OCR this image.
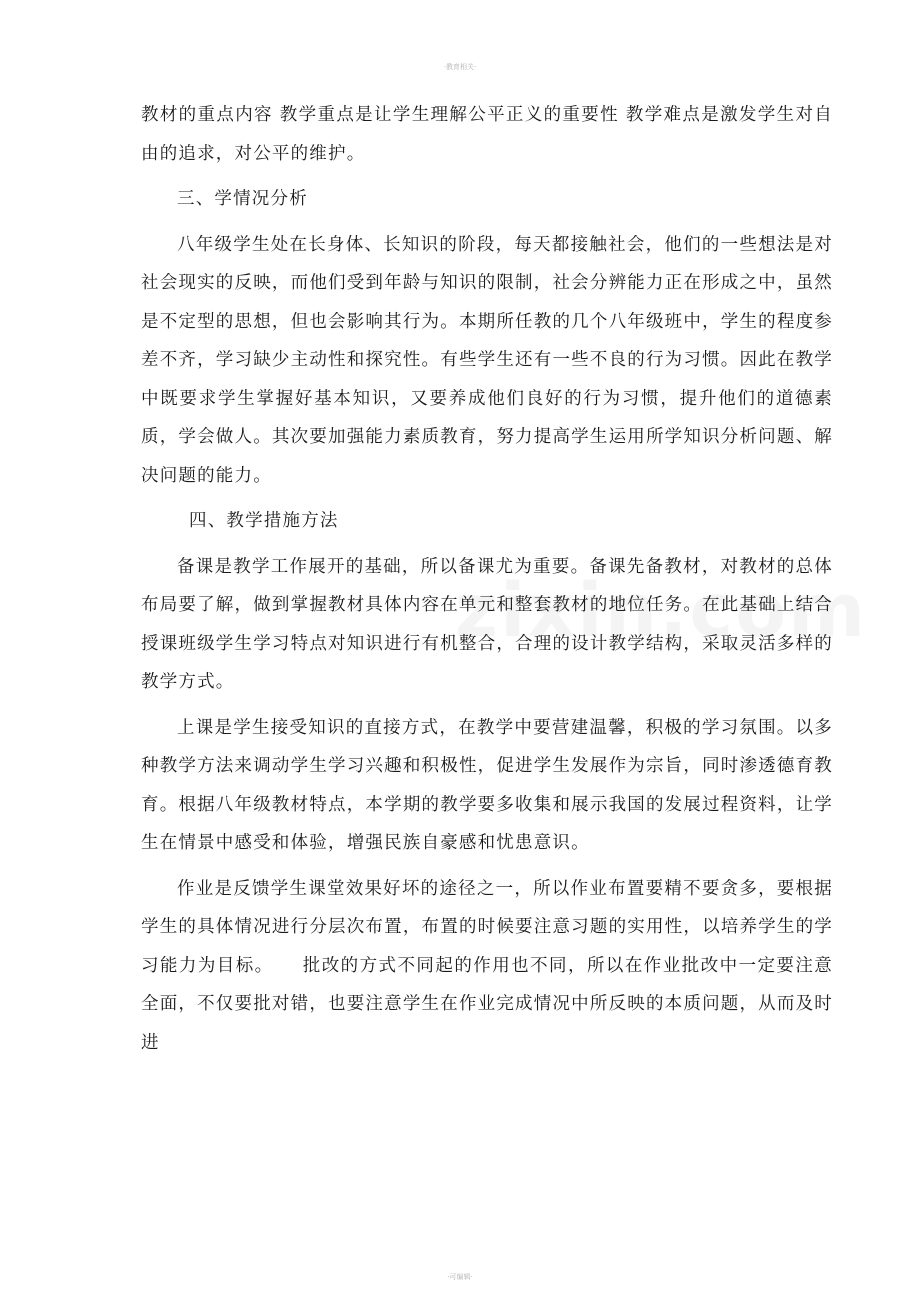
·教育相关·

教材的重点内容 教学重点是让学生理解公平正义的重要性 教学难点是激发学生对自由的追求，对公平的维护。

三、学情况分析

八年级学生处在长身体、长知识的阶段，每天都接触社会，他们的一些想法是对社会现实的反映，而他们受到年龄与知识的限制，社会分辨能力正在形成之中，虽然是不定型的思想，但也会影响其行为。本期所任教的几个八年级班中，学生的程度参差不齐，学习缺少主动性和探究性。有些学生还有一些不良的行为习惯。因此在教学中既要求学生掌握好基本知识，又要养成他们良好的行为习惯，提升他们的道德素质，学会做人。其次要加强能力素质教育，努力提高学生运用所学知识分析问题、解决问题的能力。

四、教学措施方法

备课是教学工作展开的基础，所以备课尤为重要。备课先备教材，对教材的总体布局要了解，做到掌握教材具体内容在单元和整套教材的地位任务。在此基础上结合授课班级学生学习特点对知识进行有机整合，合理的设计教学结构，采取灵活多样的教学方式。

上课是学生接受知识的直接方式，在教学中要营建温馨，积极的学习氛围。以多种教学方法来调动学生学习兴趣和积极性，促进学生发展作为宗旨，同时渗透德育教育。根据八年级教材特点，本学期的教学要多收集和展示我国的发展过程资料，让学生在情景中感受和体验，增强民族自豪感和忧患意识。

作业是反馈学生课堂效果好坏的途径之一，所以作业布置要精不要贪多，要根据学生的具体情况进行分层次布置，布置的时候要注意习题的实用性，以培养学生的学习能力为目标。　　批改的方式不同起的作用也不同，所以在作业批改中一定要注意全面，不仅要批对错，也要注意学生在作业完成情况中所反映的本质问题，从而及时进

·可编辑·
